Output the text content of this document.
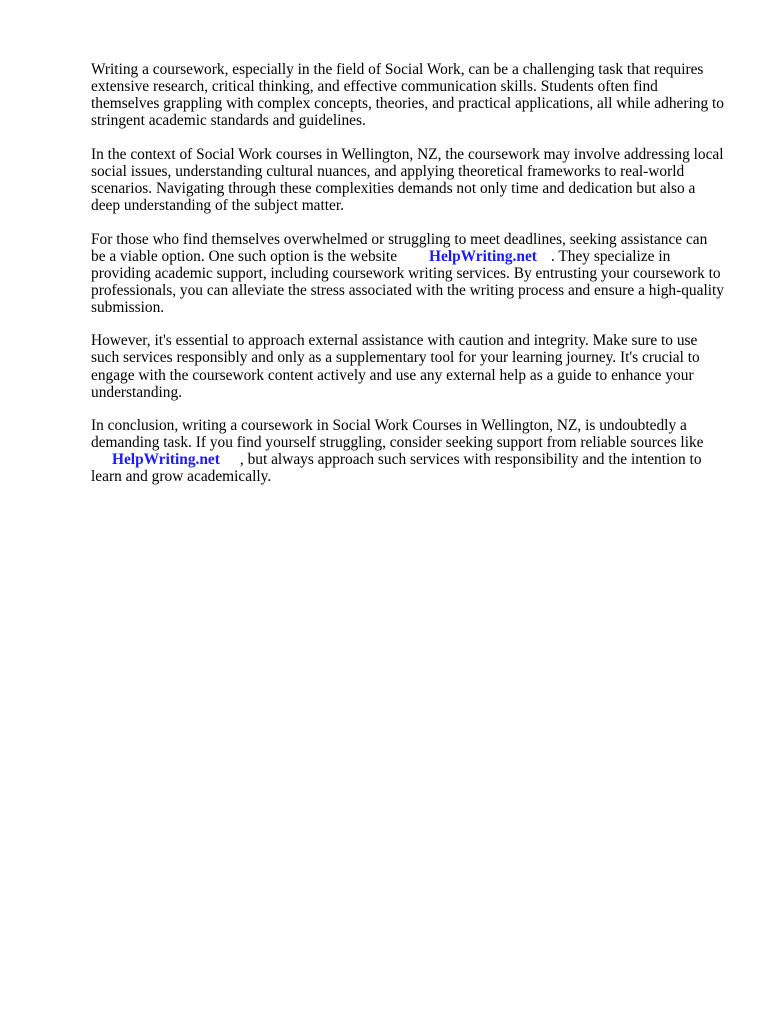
Writing a coursework, especially in the field of Social Work, can be a challenging task that requires extensive research, critical thinking, and effective communication skills. Students often find themselves grappling with complex concepts, theories, and practical applications, all while adhering to stringent academic standards and guidelines.

In the context of Social Work courses in Wellington, NZ, the coursework may involve addressing local social issues, understanding cultural nuances, and applying theoretical frameworks to real-world scenarios. Navigating through these complexities demands not only time and dedication but also a deep understanding of the subject matter.

For those who find themselves overwhelmed or struggling to meet deadlines, seeking assistance can be a viable option. One such option is the website HelpWriting.net . They specialize in providing academic support, including coursework writing services. By entrusting your coursework to professionals, you can alleviate the stress associated with the writing process and ensure a high-quality submission.

However, it's essential to approach external assistance with caution and integrity. Make sure to use such services responsibly and only as a supplementary tool for your learning journey. It's crucial to engage with the coursework content actively and use any external help as a guide to enhance your understanding.

In conclusion, writing a coursework in Social Work Courses in Wellington, NZ, is undoubtedly a demanding task. If you find yourself struggling, consider seeking support from reliable sources like
HelpWriting.net , but always approach such services with responsibility and the intention to learn and grow academically.
